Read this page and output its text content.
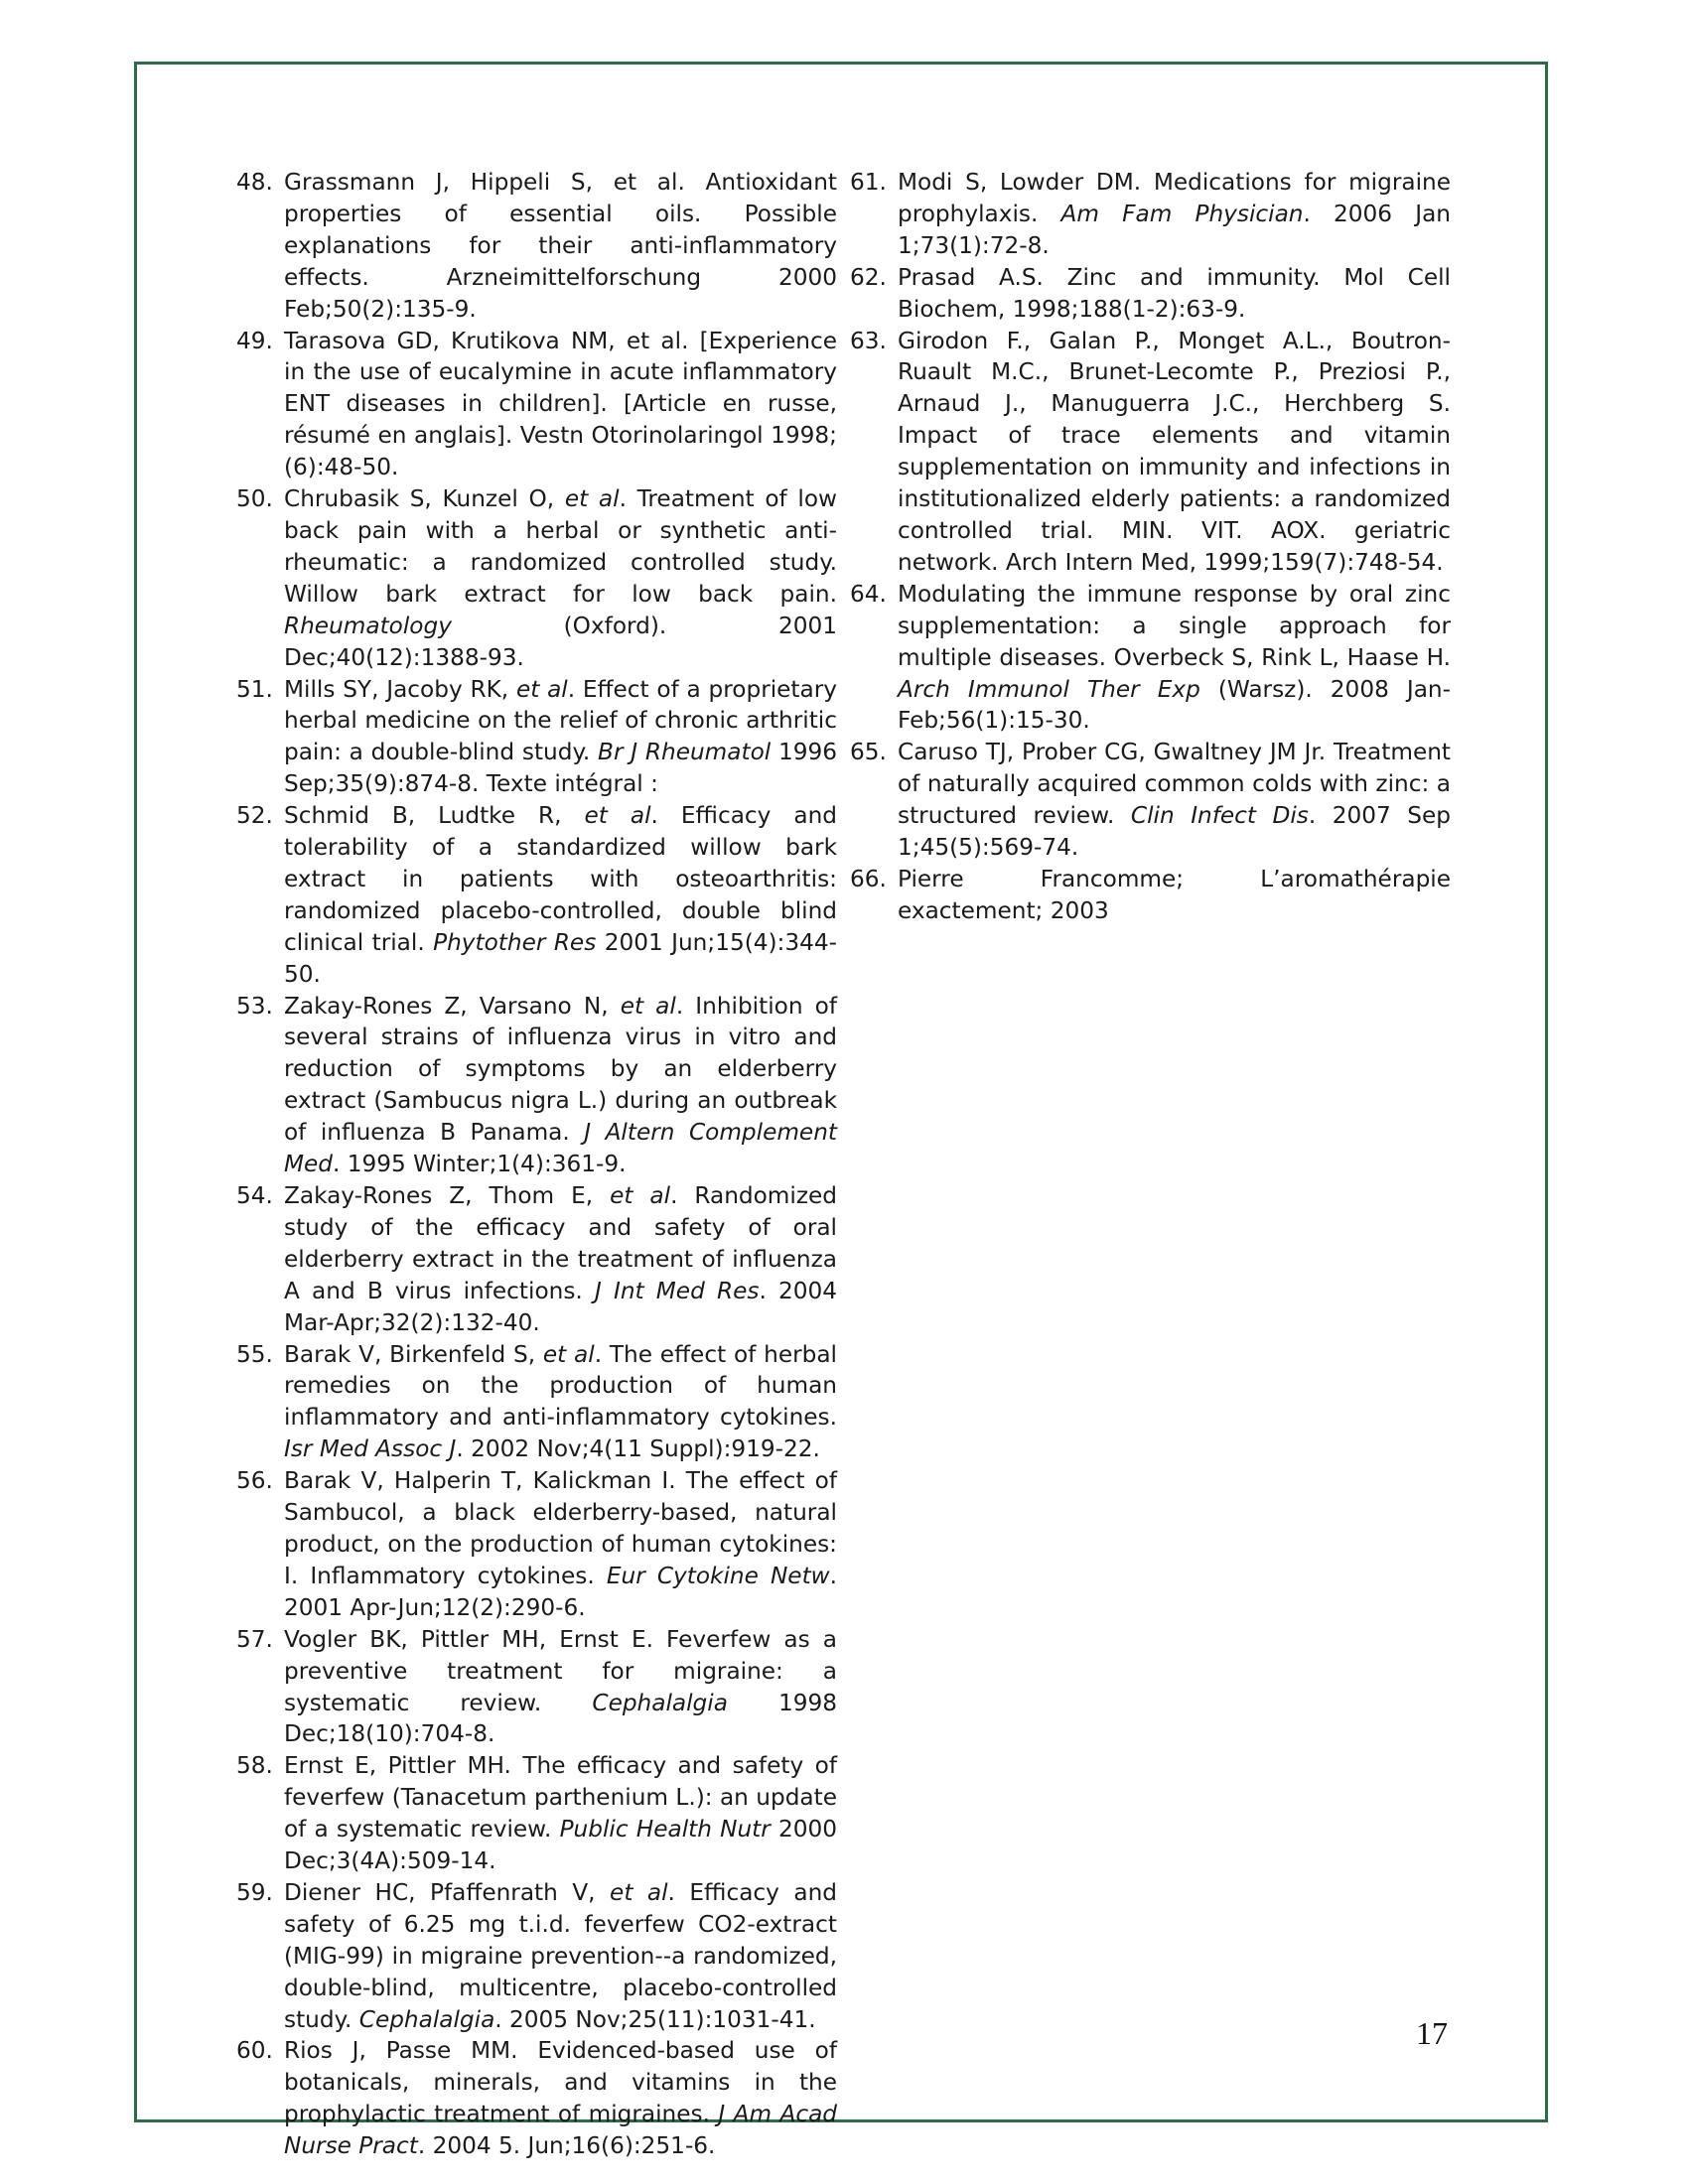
48. Grassmann J, Hippeli S, et al. Antioxidant properties of essential oils. Possible explanations for their anti-inflammatory effects. Arzneimittelforschung 2000 Feb;50(2):135-9.
49. Tarasova GD, Krutikova NM, et al. [Experience in the use of eucalymine in acute inflammatory ENT diseases in children]. [Article en russe, résumé en anglais]. Vestn Otorinolaringol 1998;(6):48-50.
50. Chrubasik S, Kunzel O, et al. Treatment of low back pain with a herbal or synthetic anti-rheumatic: a randomized controlled study. Willow bark extract for low back pain. Rheumatology (Oxford). 2001 Dec;40(12):1388-93.
51. Mills SY, Jacoby RK, et al. Effect of a proprietary herbal medicine on the relief of chronic arthritic pain: a double-blind study. Br J Rheumatol 1996 Sep;35(9):874-8. Texte intégral :
52. Schmid B, Ludtke R, et al. Efficacy and tolerability of a standardized willow bark extract in patients with osteoarthritis: randomized placebo-controlled, double blind clinical trial. Phytother Res 2001 Jun;15(4):344-50.
53. Zakay-Rones Z, Varsano N, et al. Inhibition of several strains of influenza virus in vitro and reduction of symptoms by an elderberry extract (Sambucus nigra L.) during an outbreak of influenza B Panama. J Altern Complement Med. 1995 Winter;1(4):361-9.
54. Zakay-Rones Z, Thom E, et al. Randomized study of the efficacy and safety of oral elderberry extract in the treatment of influenza A and B virus infections. J Int Med Res. 2004 Mar-Apr;32(2):132-40.
55. Barak V, Birkenfeld S, et al. The effect of herbal remedies on the production of human inflammatory and anti-inflammatory cytokines. Isr Med Assoc J. 2002 Nov;4(11 Suppl):919-22.
56. Barak V, Halperin T, Kalickman I. The effect of Sambucol, a black elderberry-based, natural product, on the production of human cytokines: I. Inflammatory cytokines. Eur Cytokine Netw. 2001 Apr-Jun;12(2):290-6.
57. Vogler BK, Pittler MH, Ernst E. Feverfew as a preventive treatment for migraine: a systematic review. Cephalalgia 1998 Dec;18(10):704-8.
58. Ernst E, Pittler MH. The efficacy and safety of feverfew (Tanacetum parthenium L.): an update of a systematic review. Public Health Nutr 2000 Dec;3(4A):509-14.
59. Diener HC, Pfaffenrath V, et al. Efficacy and safety of 6.25 mg t.i.d. feverfew CO2-extract (MIG-99) in migraine prevention--a randomized, double-blind, multicentre, placebo-controlled study. Cephalalgia. 2005 Nov;25(11):1031-41.
60. Rios J, Passe MM. Evidenced-based use of botanicals, minerals, and vitamins in the prophylactic treatment of migraines. J Am Acad Nurse Pract. 2004 5. Jun;16(6):251-6.
61. Modi S, Lowder DM. Medications for migraine prophylaxis. Am Fam Physician. 2006 Jan 1;73(1):72-8.
62. Prasad A.S. Zinc and immunity. Mol Cell Biochem, 1998;188(1-2):63-9.
63. Girodon F., Galan P., Monget A.L., Boutron-Ruault M.C., Brunet-Lecomte P., Preziosi P., Arnaud J., Manuguerra J.C., Herchberg S. Impact of trace elements and vitamin supplementation on immunity and infections in institutionalized elderly patients: a randomized controlled trial. MIN. VIT. AOX. geriatric network. Arch Intern Med, 1999;159(7):748-54.
64. Modulating the immune response by oral zinc supplementation: a single approach for multiple diseases. Overbeck S, Rink L, Haase H. Arch Immunol Ther Exp (Warsz). 2008 Jan-Feb;56(1):15-30.
65. Caruso TJ, Prober CG, Gwaltney JM Jr. Treatment of naturally acquired common colds with zinc: a structured review. Clin Infect Dis. 2007 Sep 1;45(5):569-74.
66. Pierre Francomme; L’aromathérapie exactement; 2003
17
